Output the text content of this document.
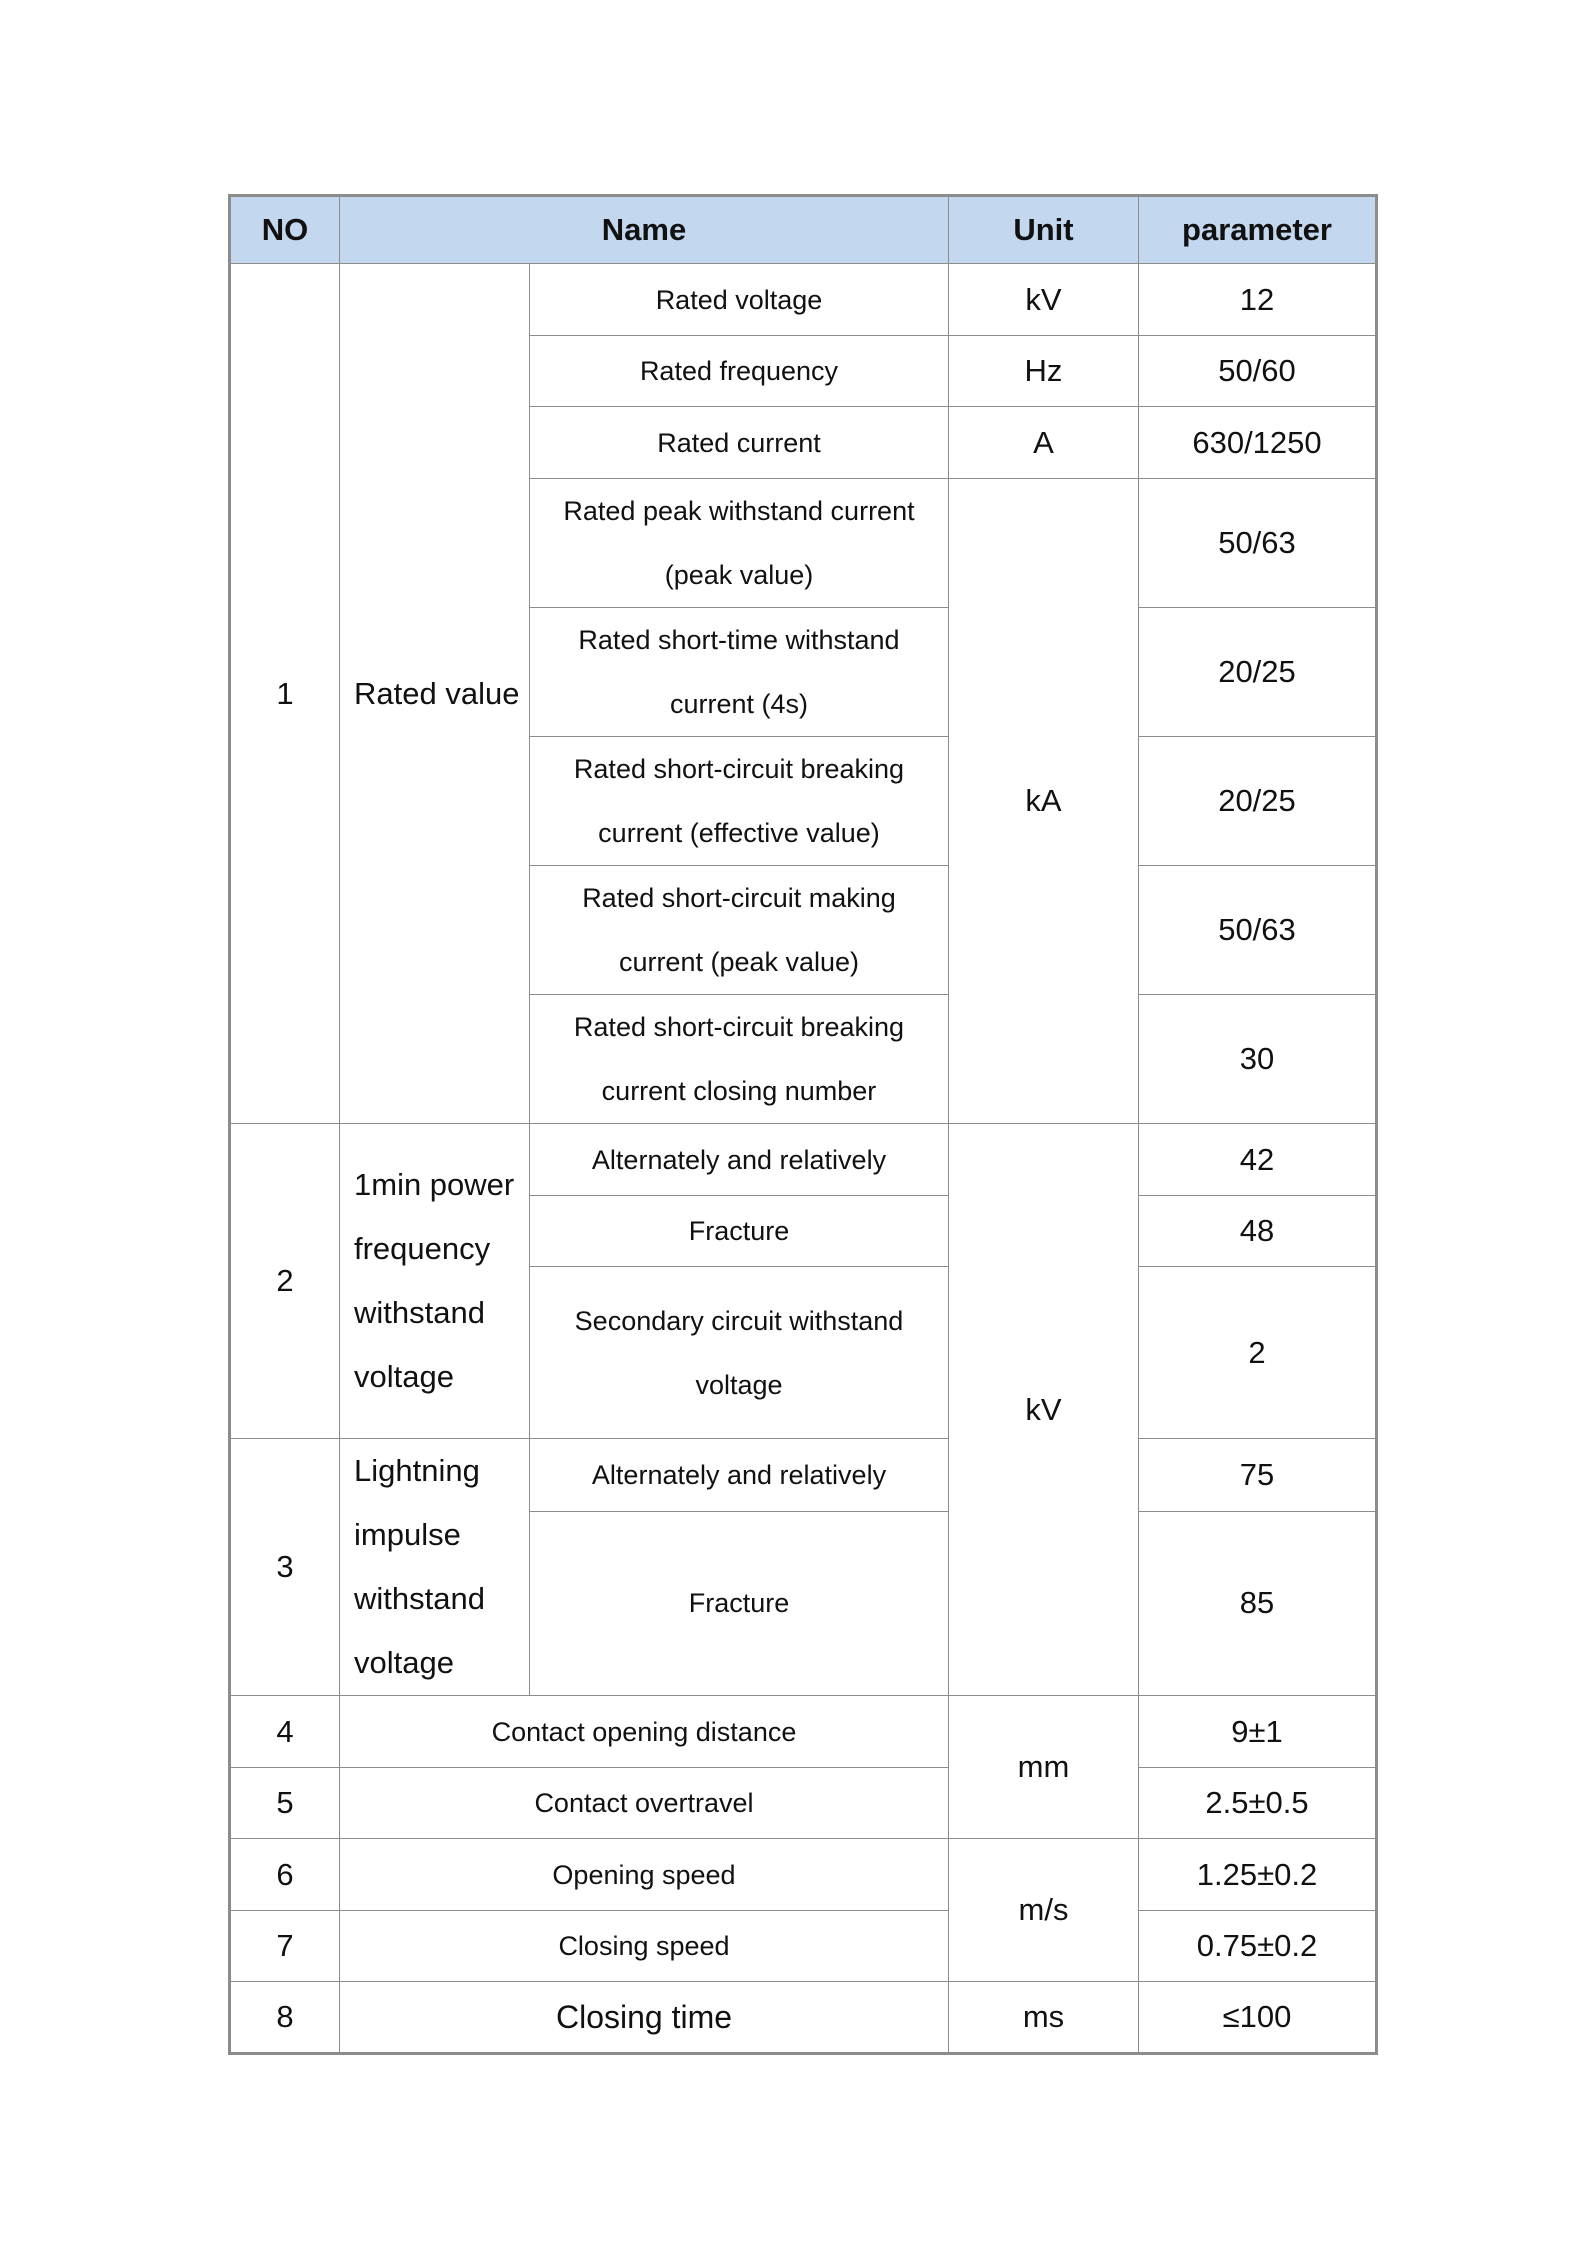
NO	Name		Unit	parameter
1	Rated value	Rated voltage	kV	12
		Rated frequency	Hz	50/60
		Rated current	A	630/1250
		Rated peak withstand current (peak value)	kA	50/63
		Rated short-time withstand current (4s)		20/25
		Rated short-circuit breaking current (effective value)		20/25
		Rated short-circuit making current (peak value)		50/63
		Rated short-circuit breaking current closing number		30
2	1min power frequency withstand voltage	Alternately and relatively	kV	42
		Fracture		48
		Secondary circuit withstand voltage		2
3	Lightning impulse withstand voltage	Alternately and relatively		75
		Fracture		85
4	Contact opening distance		mm	9±1
5	Contact overtravel			2.5±0.5
6	Opening speed		m/s	1.25±0.2
7	Closing speed			0.75±0.2
8	Closing time		ms	≤100
